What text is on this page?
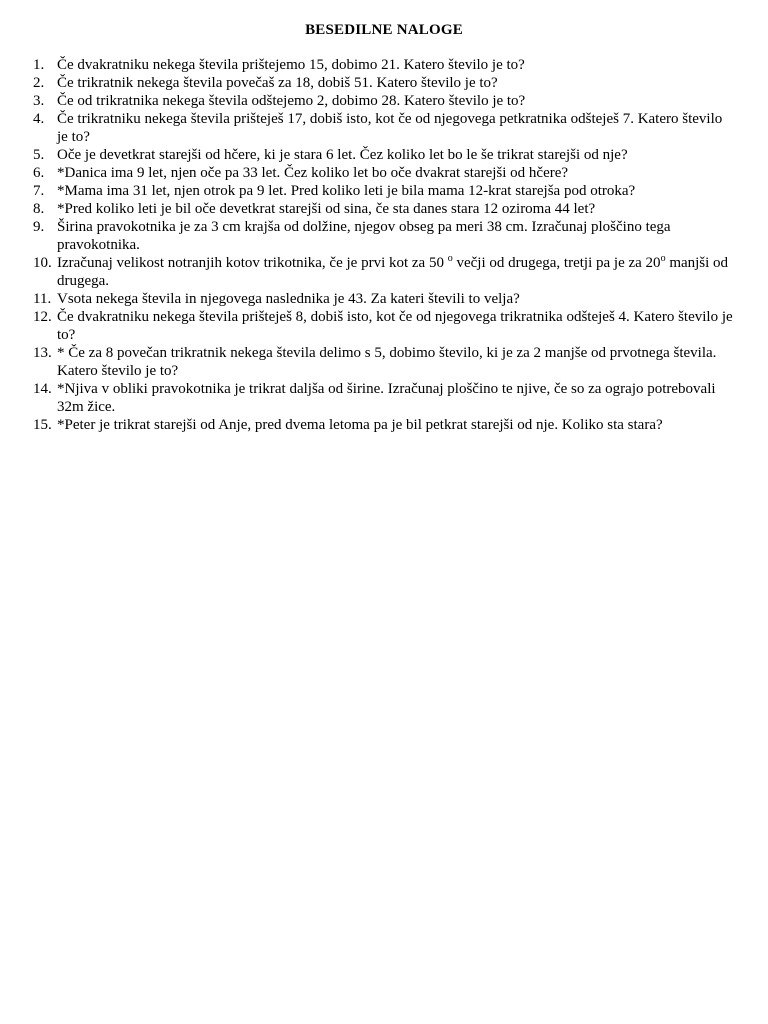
BESEDILNE NALOGE
1. Če dvakratniku nekega števila prištejemo 15, dobimo 21. Katero število je to?
2. Če trikratnik nekega števila povečaš za 18, dobiš 51. Katero število je to?
3. Če od trikratnika nekega števila odštejemo 2, dobimo 28. Katero število je to?
4. Če trikratniku nekega števila prišteješ 17, dobiš isto, kot če od njegovega petkratnika odšteješ 7. Katero število je to?
5. Oče je devetkrat starejši od hčere, ki je stara 6 let. Čez koliko let bo le še trikrat starejši od nje?
6. *Danica ima 9 let, njen oče pa 33 let. Čez koliko let bo oče dvakrat starejši od hčere?
7. *Mama ima 31 let, njen otrok pa 9 let. Pred koliko leti je bila mama 12-krat starejša pod otroka?
8. *Pred koliko leti je bil oče devetkrat starejši od sina, če sta danes stara 12 oziroma 44 let?
9. Širina pravokotnika je za 3 cm krajša od dolžine, njegov obseg pa meri 38 cm. Izračunaj ploščino tega pravokotnika.
10. Izračunaj velikost notranjih kotov trikotnika, če je prvi kot za 50 $^o$ večji od drugega, tretji pa je za 20$^o$ manjši od drugega.
11. Vsota nekega števila in njegovega naslednika je 43. Za kateri števili to velja?
12. Če dvakratniku nekega števila prišteješ 8, dobiš isto, kot če od njegovega trikratnika odšteješ 4. Katero število je to?
13. * Če za 8 povečan trikratnik nekega števila delimo s 5, dobimo število, ki je za 2 manjše od prvotnega števila. Katero število je to?
14. *Njiva v obliki pravokotnika je trikrat daljša od širine. Izračunaj ploščino te njive, če so za ograjo potrebovali 32m žice.
15. *Peter je trikrat starejši od Anje, pred dvema letoma pa je bil petkrat starejši od nje. Koliko sta stara?
